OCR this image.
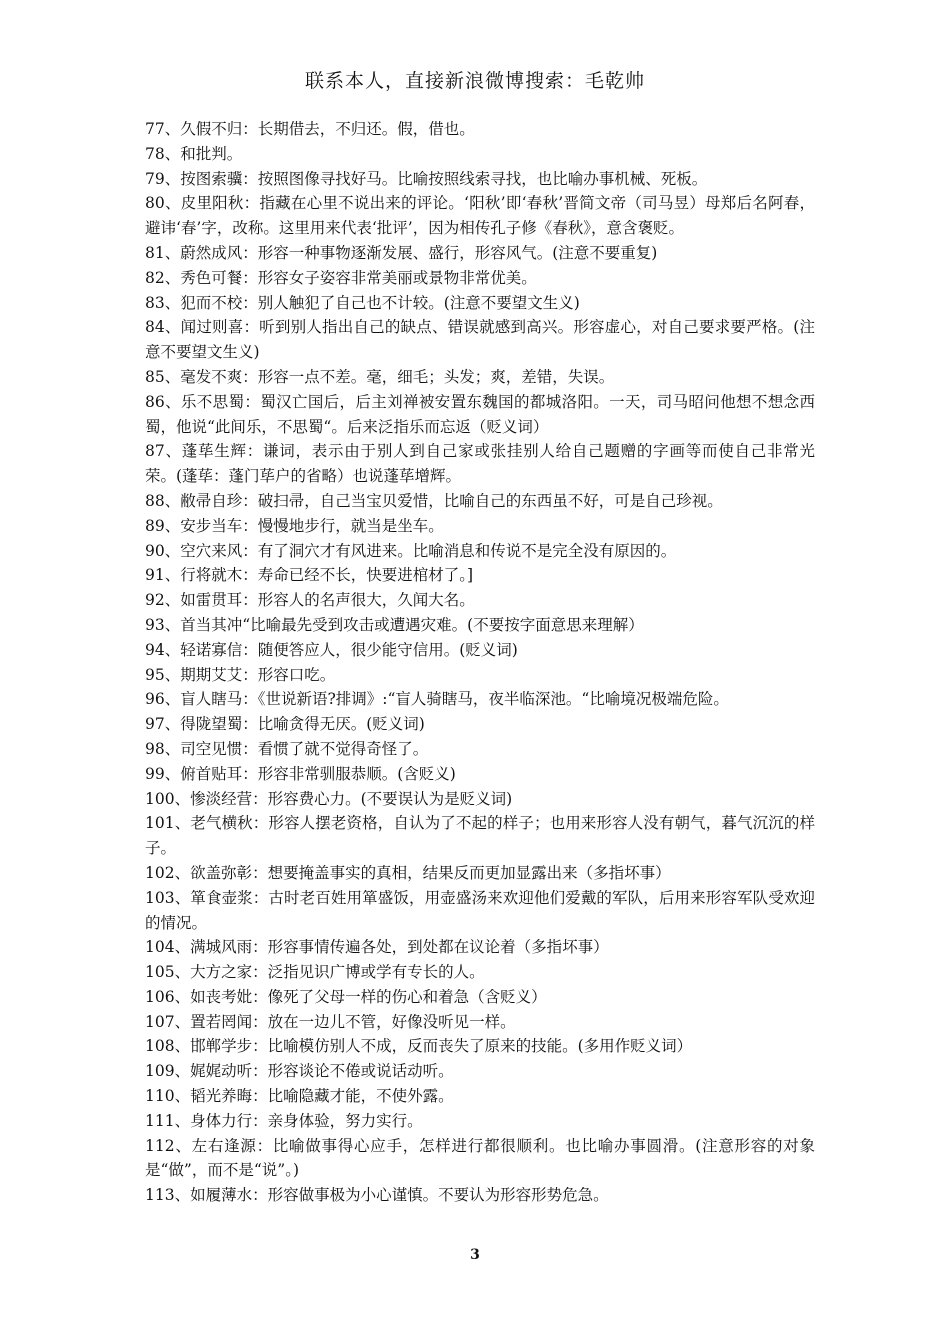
联系本人，直接新浪微博搜索：毛乾帅

77、久假不归：长期借去，不归还。假，借也。

78、和批判。

79、按图索骥：按照图像寻找好马。比喻按照线索寻找，也比喻办事机械、死板。

80、皮里阳秋：指藏在心里不说出来的评论。‘阳秋’即‘春秋’晋简文帝（司马昱）母郑后名阿春，避讳‘春’字，改称。这里用来代表‘批评’，因为相传孔子修《春秋》，意含褒贬。

81、蔚然成风：形容一种事物逐渐发展、盛行，形容风气。(注意不要重复)

82、秀色可餐：形容女子姿容非常美丽或景物非常优美。

83、犯而不校：别人触犯了自己也不计较。(注意不要望文生义)

84、闻过则喜：听到别人指出自己的缺点、错误就感到高兴。形容虚心，对自己要求要严格。(注意不要望文生义)

85、毫发不爽：形容一点不差。毫，细毛；头发；爽，差错，失误。

86、乐不思蜀：蜀汉亡国后，后主刘禅被安置东魏国的都城洛阳。一天，司马昭问他想不想念西蜀，他说“此间乐，不思蜀“。后来泛指乐而忘返（贬义词）

87、蓬荜生辉：谦词，表示由于别人到自己家或张挂别人给自己题赠的字画等而使自己非常光荣。(蓬荜：蓬门荜户的省略）也说蓬荜增辉。

88、敝帚自珍：破扫帚，自己当宝贝爱惜，比喻自己的东西虽不好，可是自己珍视。

89、安步当车：慢慢地步行，就当是坐车。

90、空穴来风：有了洞穴才有风进来。比喻消息和传说不是完全没有原因的。

91、行将就木：寿命已经不长，快要进棺材了。]

92、如雷贯耳：形容人的名声很大，久闻大名。

93、首当其冲“比喻最先受到攻击或遭遇灾难。(不要按字面意思来理解）

94、轻诺寡信：随便答应人，很少能守信用。(贬义词)

95、期期艾艾：形容口吃。

96、盲人瞎马：《世说新语?排调》:“盲人骑瞎马，夜半临深池。“比喻境况极端危险。

97、得陇望蜀：比喻贪得无厌。(贬义词)

98、司空见惯：看惯了就不觉得奇怪了。

99、俯首贴耳：形容非常驯服恭顺。(含贬义)

100、惨淡经营：形容费心力。(不要误认为是贬义词)

101、老气横秋：形容人摆老资格，自认为了不起的样子；也用来形容人没有朝气，暮气沉沉的样子。

102、欲盖弥彰：想要掩盖事实的真相，结果反而更加显露出来（多指坏事）

103、箪食壶浆：古时老百姓用箪盛饭，用壶盛汤来欢迎他们爱戴的军队，后用来形容军队受欢迎的情况。

104、满城风雨：形容事情传遍各处，到处都在议论着（多指坏事）

105、大方之家：泛指见识广博或学有专长的人。

106、如丧考妣：像死了父母一样的伤心和着急（含贬义）

107、置若罔闻：放在一边儿不管，好像没听见一样。

108、邯郸学步：比喻模仿别人不成，反而丧失了原来的技能。(多用作贬义词）

109、娓娓动听：形容谈论不倦或说话动听。

110、韬光养晦：比喻隐藏才能，不使外露。

111、身体力行：亲身体验，努力实行。

112、左右逢源：比喻做事得心应手，怎样进行都很顺利。也比喻办事圆滑。(注意形容的对象是“做”，而不是“说”。)

113、如履薄水：形容做事极为小心谨慎。不要认为形容形势危急。

3
